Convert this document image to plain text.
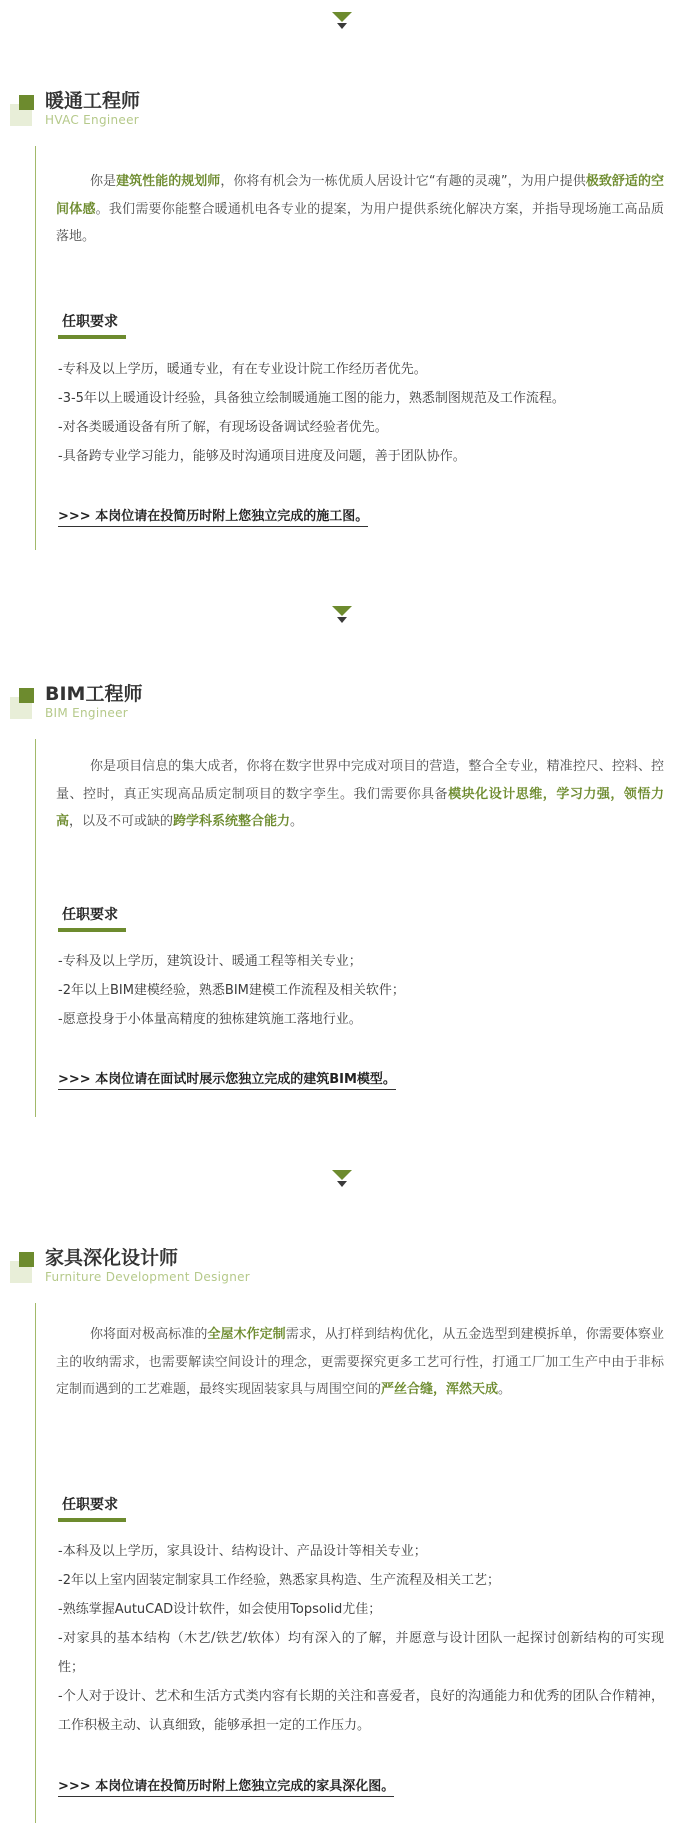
暖通工程师
HVAC Engineer
你是建筑性能的规划师，你将有机会为一栋优质人居设计它“有趣的灵魂”，为用户提供极致舒适的空间体感。我们需要你能整合暖通机电各专业的提案，为用户提供系统化解决方案，并指导现场施工高品质落地。
任职要求
-专科及以上学历，暖通专业，有在专业设计院工作经历者优先。
-3-5年以上暖通设计经验，具备独立绘制暖通施工图的能力，熟悉制图规范及工作流程。
-对各类暖通设备有所了解，有现场设备调试经验者优先。
-具备跨专业学习能力，能够及时沟通项目进度及问题，善于团队协作。
>>> 本岗位请在投简历时附上您独立完成的施工图。
BIM工程师
BIM Engineer
你是项目信息的集大成者，你将在数字世界中完成对项目的营造，整合全专业，精准控尺、控料、控量、控时，真正实现高品质定制项目的数字孪生。我们需要你具备模块化设计思维，学习力强，领悟力高，以及不可或缺的跨学科系统整合能力。
任职要求
-专科及以上学历，建筑设计、暖通工程等相关专业；
-2年以上BIM建模经验，熟悉BIM建模工作流程及相关软件；
-愿意投身于小体量高精度的独栋建筑施工落地行业。
>>> 本岗位请在面试时展示您独立完成的建筑BIM模型。
家具深化设计师
Furniture Development Designer
你将面对极高标准的全屋木作定制需求，从打样到结构优化，从五金选型到建模拆单，你需要体察业主的收纳需求，也需要解读空间设计的理念，更需要探究更多工艺可行性，打通工厂加工生产中由于非标定制而遇到的工艺难题，最终实现固装家具与周围空间的严丝合缝，浑然天成。
任职要求
-本科及以上学历，家具设计、结构设计、产品设计等相关专业；
-2年以上室内固装定制家具工作经验，熟悉家具构造、生产流程及相关工艺；
-熟练掌握AutuCAD设计软件，如会使用Topsolid尤佳；
-对家具的基本结构（木艺/铁艺/软体）均有深入的了解，并愿意与设计团队一起探讨创新结构的可实现性；
-个人对于设计、艺术和生活方式类内容有长期的关注和喜爱者，良好的沟通能力和优秀的团队合作精神，工作积极主动、认真细致，能够承担一定的工作压力。
>>> 本岗位请在投简历时附上您独立完成的家具深化图。
